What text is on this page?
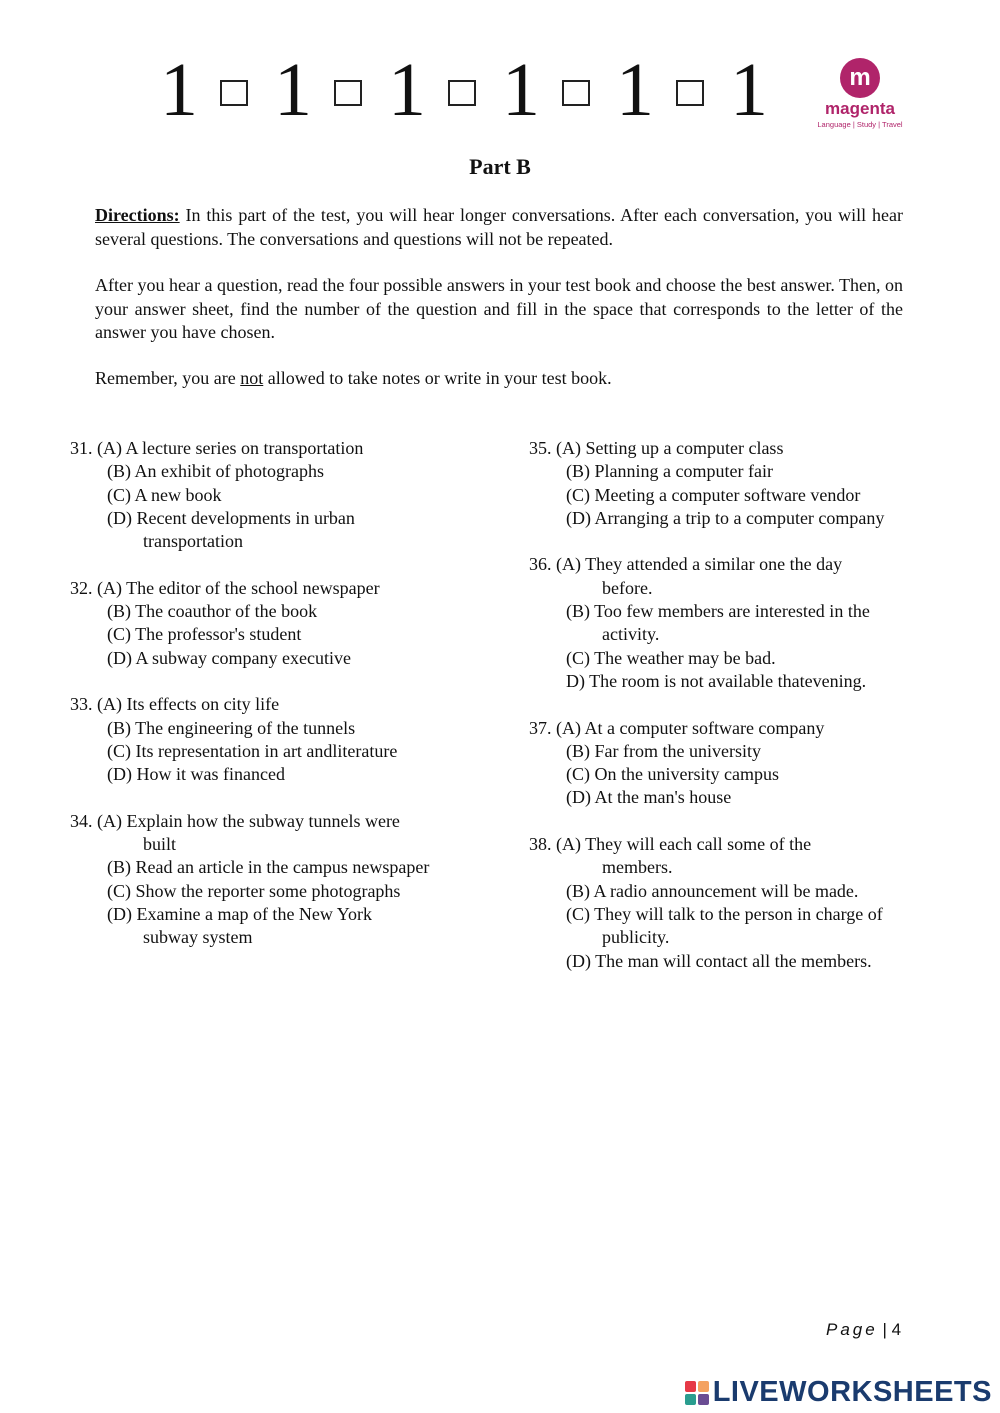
1 1 1 1 1 1	m
magenta
Language | Study | Travel
Part B

Directions: In this part of the test, you will hear longer conversations. After each conversation, you will hear several questions. The conversations and questions will not be repeated.

After you hear a question, read the four possible answers in your test book and choose the best answer. Then, on your answer sheet, find the number of the question and fill in the space that corresponds to the letter of the answer you have chosen.

Remember, you are not allowed to take notes or write in your test book.

31. (A) A lecture series on transportation
(B) An exhibit of photographs
(C) A new book
(D) Recent developments in urban
transportation
32. (A) The editor of the school newspaper
(B) The coauthor of the book
(C) The professor's student
(D) A subway company executive
33. (A) Its effects on city life
(B) The engineering of the tunnels
(C) Its representation in art andliterature
(D) How it was financed
34. (A) Explain how the subway tunnels were
built
(B) Read an article in the campus newspaper
(C) Show the reporter some photographs
(D) Examine a map of the New York
subway system
35. (A) Setting up a computer class
(B) Planning a computer fair
(C) Meeting a computer software vendor
(D) Arranging a trip to a computer company
36. (A) They attended a similar one the day
before.
(B) Too few members are interested in the
activity.
(C) The weather may be bad.
D) The room is not available thatevening.
37. (A) At a computer software company
(B) Far from the university
(C) On the university campus
(D) At the man's house
38. (A) They will each call some of the
members.
(B) A radio announcement will be made.
(C) They will talk to the person in charge of
publicity.
(D) The man will contact all the members.
Page | 4
LIVEWORKSHEETS
